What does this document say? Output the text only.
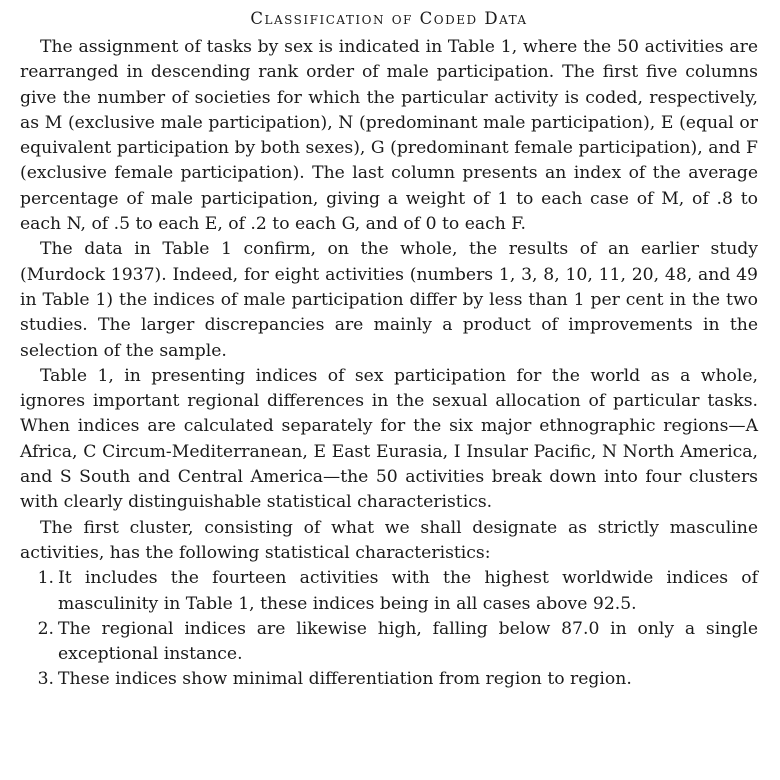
Classification of Coded Data

The assignment of tasks by sex is indicated in Table 1, where the 50 activities are rearranged in descending rank order of male participation. The first five columns give the number of societies for which the particular activity is coded, respectively, as M (exclusive male participation), N (predominant male participation), E (equal or equivalent participation by both sexes), G (predominant female participation), and F (exclusive female participation). The last column presents an index of the average percentage of male participation, giving a weight of 1 to each case of M, of .8 to each N, of .5 to each E, of .2 to each G, and of 0 to each F.

The data in Table 1 confirm, on the whole, the results of an earlier study (Murdock 1937). Indeed, for eight activities (numbers 1, 3, 8, 10, 11, 20, 48, and 49 in Table 1) the indices of male participation differ by less than 1 per cent in the two studies. The larger discrepancies are mainly a product of improvements in the selection of the sample.

Table 1, in presenting indices of sex participation for the world as a whole, ignores important regional differences in the sexual allocation of particular tasks. When indices are calculated separately for the six major ethnographic regions—A Africa, C Circum-Mediterranean, E East Eurasia, I Insular Pacific, N North America, and S South and Central America—the 50 activities break down into four clusters with clearly distinguishable statistical characteristics.

The first cluster, consisting of what we shall designate as strictly masculine activities, has the following statistical characteristics:

1. It includes the fourteen activities with the highest worldwide indices of masculinity in Table 1, these indices being in all cases above 92.5.
2. The regional indices are likewise high, falling below 87.0 in only a single exceptional instance.
3. These indices show minimal differentiation from region to region.
